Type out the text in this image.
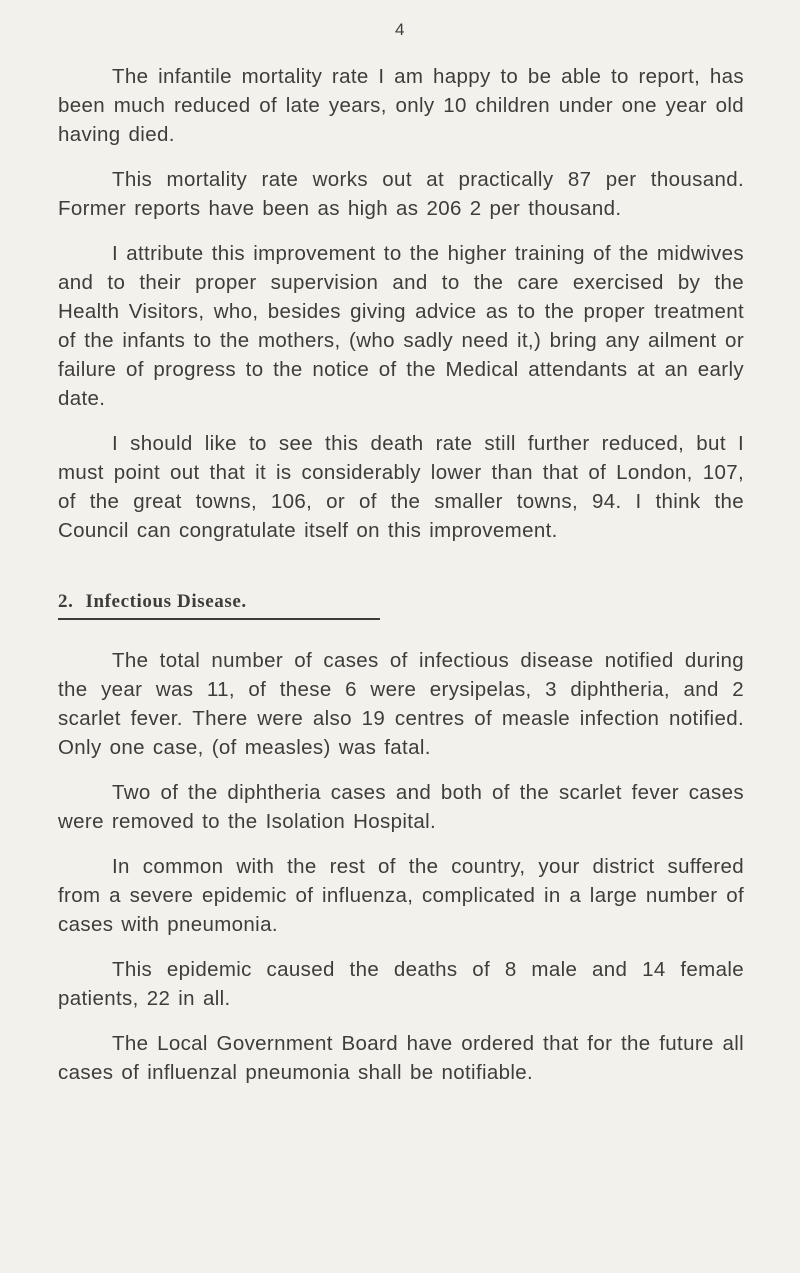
4

The infantile mortality rate I am happy to be able to report, has been much reduced of late years, only 10 children under one year old having died.

This mortality rate works out at practically 87 per thousand. Former reports have been as high as 206 2 per thousand.

I attribute this improvement to the higher training of the midwives and to their proper supervision and to the care exercised by the Health Visitors, who, besides giving advice as to the proper treatment of the infants to the mothers, (who sadly need it,) bring any ailment or failure of progress to the notice of the Medical attendants at an early date.

I should like to see this death rate still further reduced, but I must point out that it is considerably lower than that of London, 107, of the great towns, 106, or of the smaller towns, 94. I think the Council can congratulate itself on this improvement.

2. Infectious Disease.

The total number of cases of infectious disease notified during the year was 11, of these 6 were erysipelas, 3 diphtheria, and 2 scarlet fever. There were also 19 centres of measle infection notified. Only one case, (of measles) was fatal.

Two of the diphtheria cases and both of the scarlet fever cases were removed to the Isolation Hospital.

In common with the rest of the country, your district suffered from a severe epidemic of influenza, complicated in a large number of cases with pneumonia.

This epidemic caused the deaths of 8 male and 14 female patients, 22 in all.

The Local Government Board have ordered that for the future all cases of influenzal pneumonia shall be notifiable.
